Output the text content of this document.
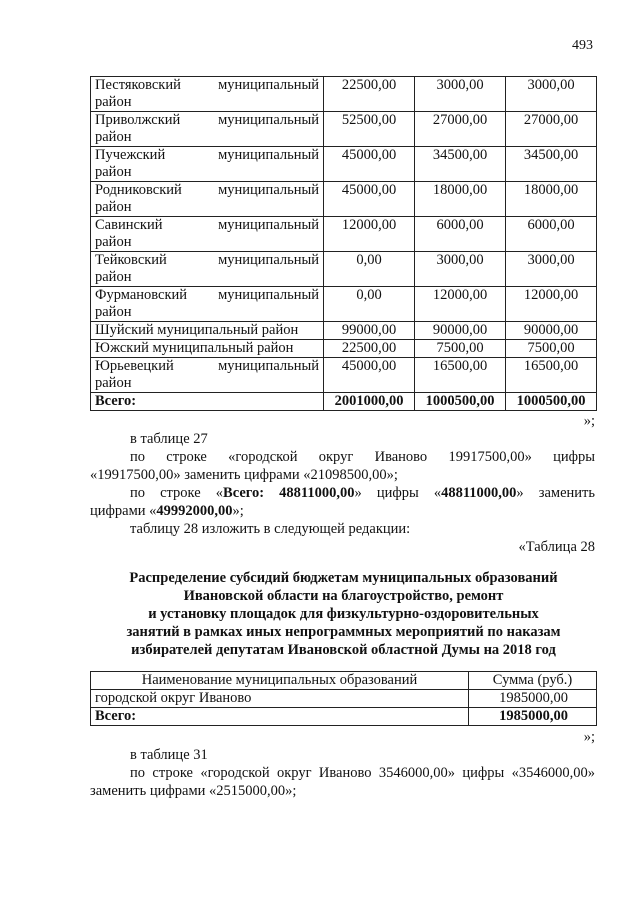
493
Пестяковский муниципальный
район	22500,00	3000,00	3000,00

Приволжский муниципальный
район	52500,00	27000,00	27000,00

Пучежский муниципальный
район	45000,00	34500,00	34500,00

Родниковский муниципальный
район	45000,00	18000,00	18000,00

Савинский муниципальный
район	12000,00	6000,00	6000,00

Тейковский муниципальный
район	0,00	3000,00	3000,00

Фурмановский муниципальный
район	0,00	12000,00	12000,00
Шуйский муниципальный район	99000,00	90000,00	90000,00
Южский муниципальный район	22500,00	7500,00	7500,00

Юрьевецкий муниципальный
район	45000,00	16500,00	16500,00
Всего:	2001000,00	1000500,00	1000500,00
»;
в таблице 27
по строке «городской округ Иваново 19917500,00» цифры
«19917500,00» заменить цифрами «21098500,00»;
по строке «Всего: 48811000,00» цифры «48811000,00» заменить
цифрами «49992000,00»;
таблицу 28 изложить в следующей редакции:
«Таблица 28
Распределение субсидий бюджетам муниципальных образований
Ивановской области на благоустройство, ремонт
и установку площадок для физкультурно-оздоровительных
занятий в рамках иных непрограммных мероприятий по наказам
избирателей депутатам Ивановской областной Думы на 2018 год
Наименование муниципальных образований	Сумма (руб.)
городской округ Иваново	1985000,00
Всего:	1985000,00
»;
в таблице 31
по строке «городской округ Иваново 3546000,00» цифры «3546000,00»
заменить цифрами «2515000,00»;
